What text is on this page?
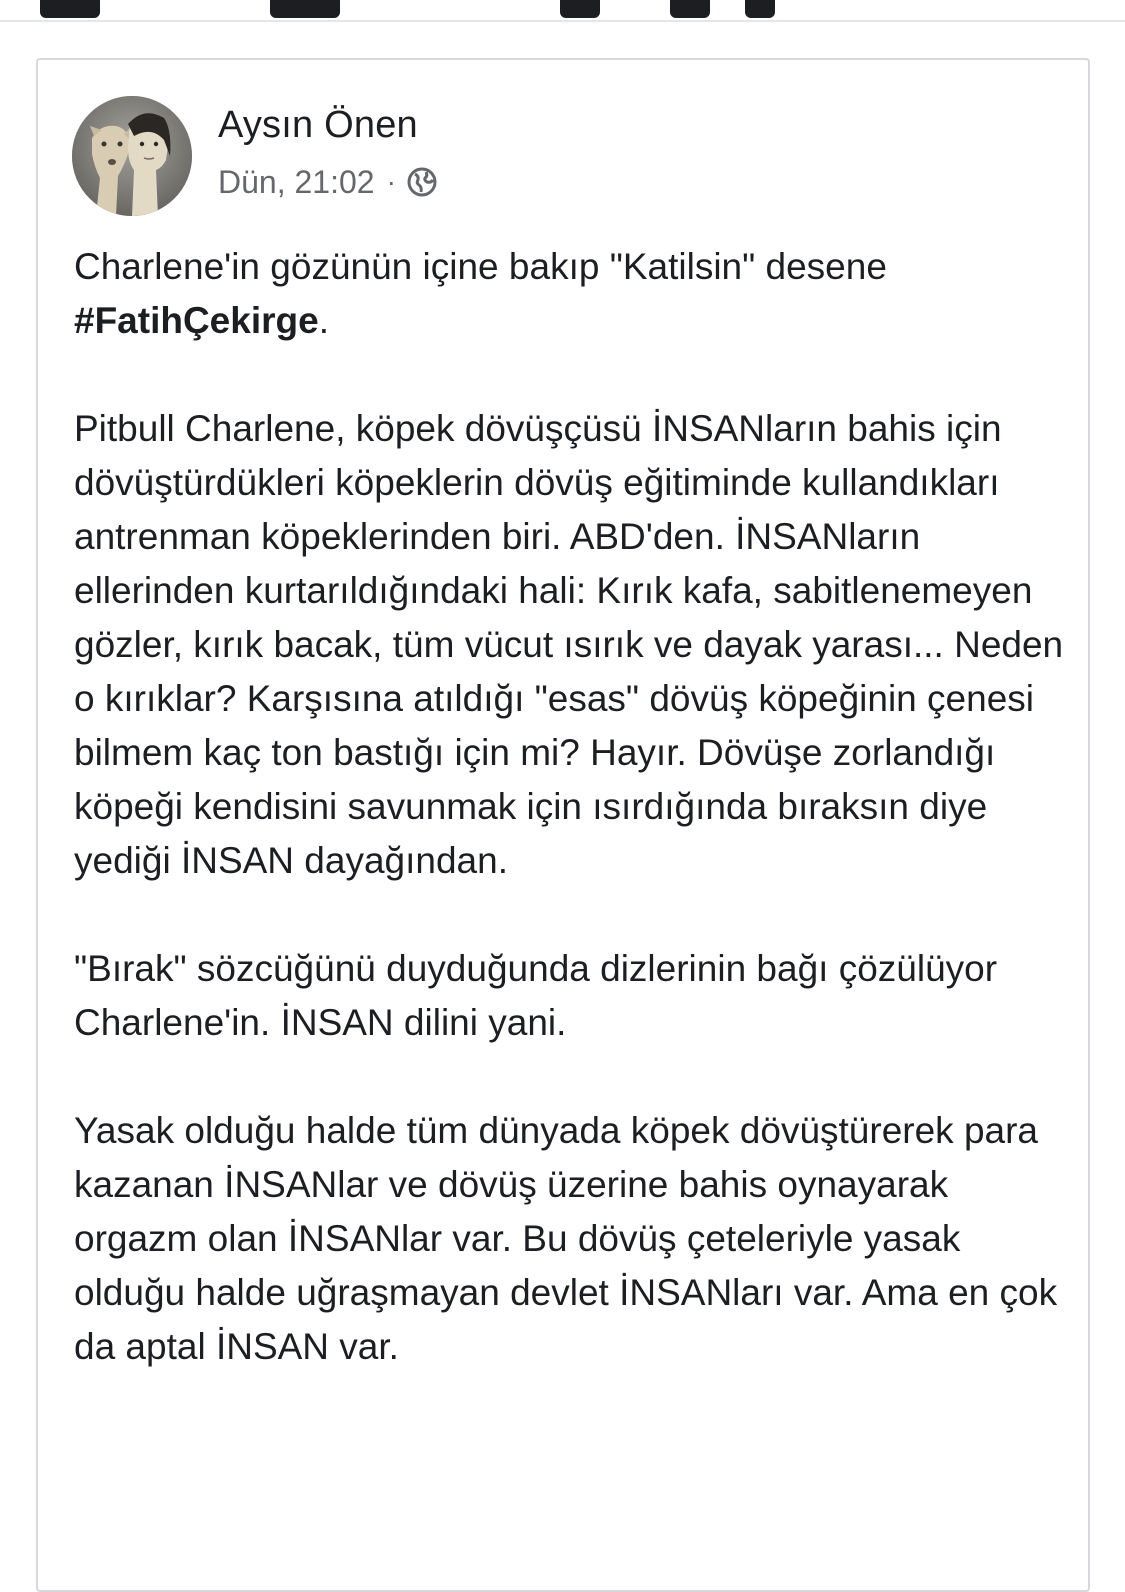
Aysın Önen
Dün, 21:02 ·

Charlene'in gözünün içine bakıp "Katilsin" desene #FatihÇekirge.

Pitbull Charlene, köpek dövüşçüsü İNSANların bahis için dövüştürdükleri köpeklerin dövüş eğitiminde kullandıkları antrenman köpeklerinden biri. ABD'den. İNSANların ellerinden kurtarıldığındaki hali: Kırık kafa, sabitlenemeyen gözler, kırık bacak, tüm vücut ısırık ve dayak yarası... Neden o kırıklar? Karşısına atıldığı "esas" dövüş köpeğinin çenesi bilmem kaç ton bastığı için mi? Hayır. Dövüşe zorlandığı köpeği kendisini savunmak için ısırdığında bıraksın diye yediği İNSAN dayağından.

"Bırak" sözcüğünü duyduğunda dizlerinin bağı çözülüyor Charlene'in. İNSAN dilini yani.

Yasak olduğu halde tüm dünyada köpek dövüştürerek para kazanan İNSANlar ve dövüş üzerine bahis oynayarak orgazm olan İNSANlar var. Bu dövüş çeteleriyle yasak olduğu halde uğraşmayan devlet İNSANları var. Ama en çok da aptal İNSAN var.
